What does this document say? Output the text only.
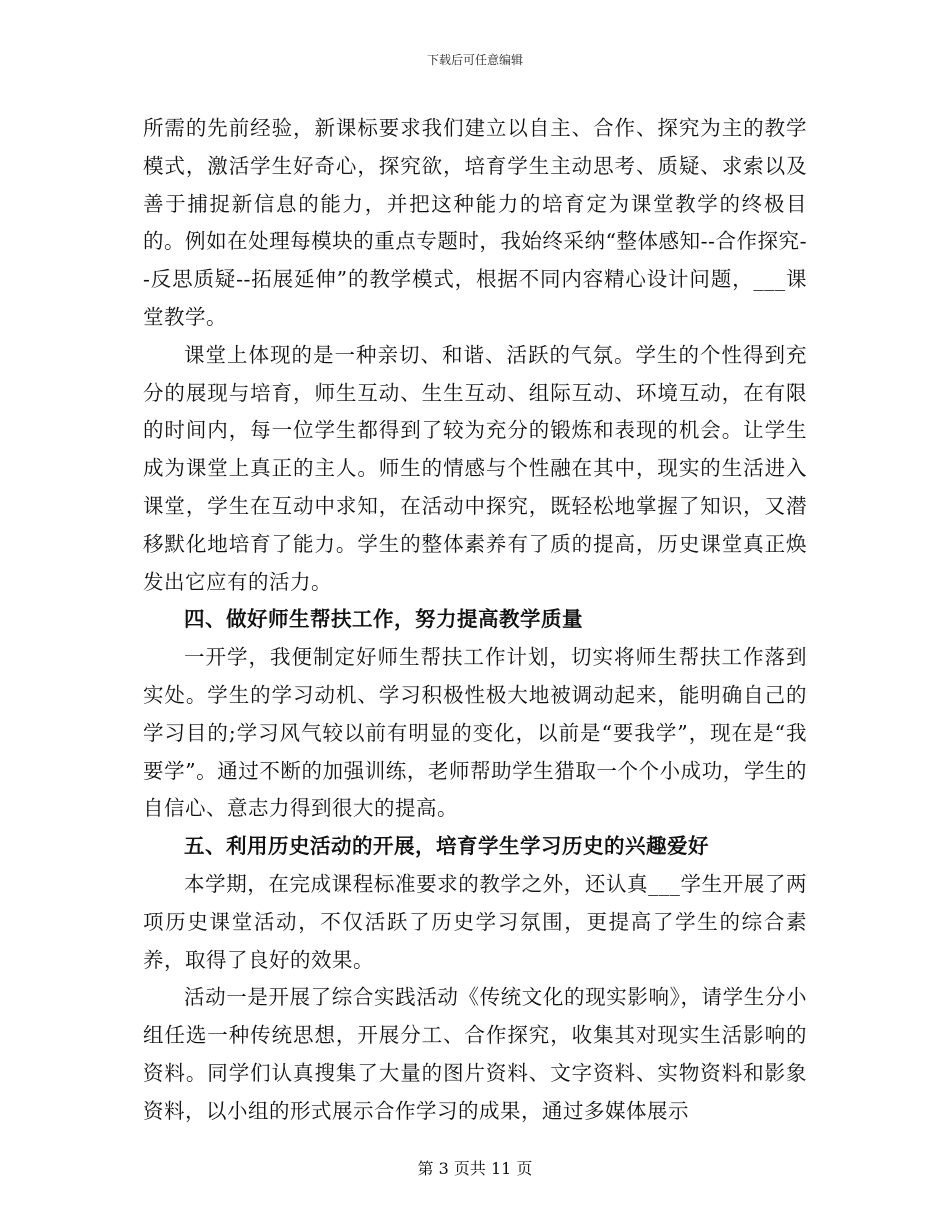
下载后可任意编辑

所需的先前经验，新课标要求我们建立以自主、合作、探究为主的教学模式，激活学生好奇心，探究欲，培育学生主动思考、质疑、求索以及善于捕捉新信息的能力，并把这种能力的培育定为课堂教学的终极目的。例如在处理每模块的重点专题时，我始终采纳“整体感知--合作探究--反思质疑--拓展延伸”的教学模式，根据不同内容精心设计问题，___课堂教学。

课堂上体现的是一种亲切、和谐、活跃的气氛。学生的个性得到充分的展现与培育，师生互动、生生互动、组际互动、环境互动，在有限的时间内，每一位学生都得到了较为充分的锻炼和表现的机会。让学生成为课堂上真正的主人。师生的情感与个性融在其中，现实的生活进入课堂，学生在互动中求知，在活动中探究，既轻松地掌握了知识，又潜移默化地培育了能力。学生的整体素养有了质的提高，历史课堂真正焕发出它应有的活力。

四、做好师生帮扶工作，努力提高教学质量

一开学，我便制定好师生帮扶工作计划，切实将师生帮扶工作落到实处。学生的学习动机、学习积极性极大地被调动起来，能明确自己的学习目的;学习风气较以前有明显的变化，以前是“要我学”，现在是“我要学”。通过不断的加强训练，老师帮助学生猎取一个个小成功，学生的自信心、意志力得到很大的提高。

五、利用历史活动的开展，培育学生学习历史的兴趣爱好

本学期，在完成课程标准要求的教学之外，还认真___学生开展了两项历史课堂活动，不仅活跃了历史学习氛围，更提高了学生的综合素养，取得了良好的效果。

活动一是开展了综合实践活动《传统文化的现实影响》，请学生分小组任选一种传统思想，开展分工、合作探究，收集其对现实生活影响的资料。同学们认真搜集了大量的图片资料、文字资料、实物资料和影象资料，以小组的形式展示合作学习的成果，通过多媒体展示

第 3 页共 11 页
